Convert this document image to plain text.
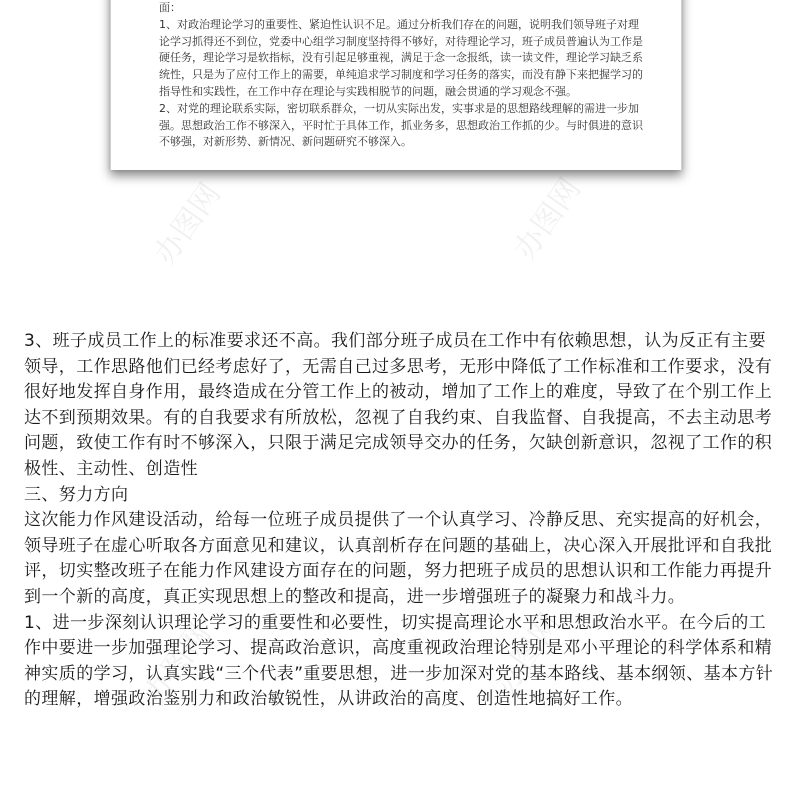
面：

1、对政治理论学习的重要性、紧迫性认识不足。通过分析我们存在的问题，说明我们领导班子对理论学习抓得还不到位，党委中心组学习制度坚持得不够好，对待理论学习，班子成员普遍认为工作是硬任务，理论学习是软指标，没有引起足够重视，满足于念一念报纸，读一读文件，理论学习缺乏系统性，只是为了应付工作上的需要，单纯追求学习制度和学习任务的落实，而没有静下来把握学习的指导性和实践性，在工作中存在理论与实践相脱节的问题，融会贯通的学习观念不强。

2、对党的理论联系实际，密切联系群众，一切从实际出发，实事求是的思想路线理解的需进一步加强。思想政治工作不够深入，平时忙于具体工作，抓业务多，思想政治工作抓的少。与时俱进的意识不够强，对新形势、新情况、新问题研究不够深入。

办图网	办图网
办图网	办图网

3、班子成员工作上的标准要求还不高。我们部分班子成员在工作中有依赖思想，认为反正有主要领导，工作思路他们已经考虑好了，无需自己过多思考，无形中降低了工作标准和工作要求，没有很好地发挥自身作用，最终造成在分管工作上的被动，增加了工作上的难度，导致了在个别工作上达不到预期效果。有的自我要求有所放松，忽视了自我约束、自我监督、自我提高，不去主动思考问题，致使工作有时不够深入，只限于满足完成领导交办的任务，欠缺创新意识，忽视了工作的积极性、主动性、创造性

三、努力方向

这次能力作风建设活动，给每一位班子成员提供了一个认真学习、冷静反思、充实提高的好机会，领导班子在虚心听取各方面意见和建议，认真剖析存在问题的基础上，决心深入开展批评和自我批评，切实整改班子在能力作风建设方面存在的问题，努力把班子成员的思想认识和工作能力再提升到一个新的高度，真正实现思想上的整改和提高，进一步增强班子的凝聚力和战斗力。

1、进一步深刻认识理论学习的重要性和必要性，切实提高理论水平和思想政治水平。在今后的工作中要进一步加强理论学习、提高政治意识，高度重视政治理论特别是邓小平理论的科学体系和精神实质的学习，认真实践“三个代表”重要思想，进一步加深对党的基本路线、基本纲领、基本方针的理解，增强政治鉴别力和政治敏锐性，从讲政治的高度、创造性地搞好工作。
